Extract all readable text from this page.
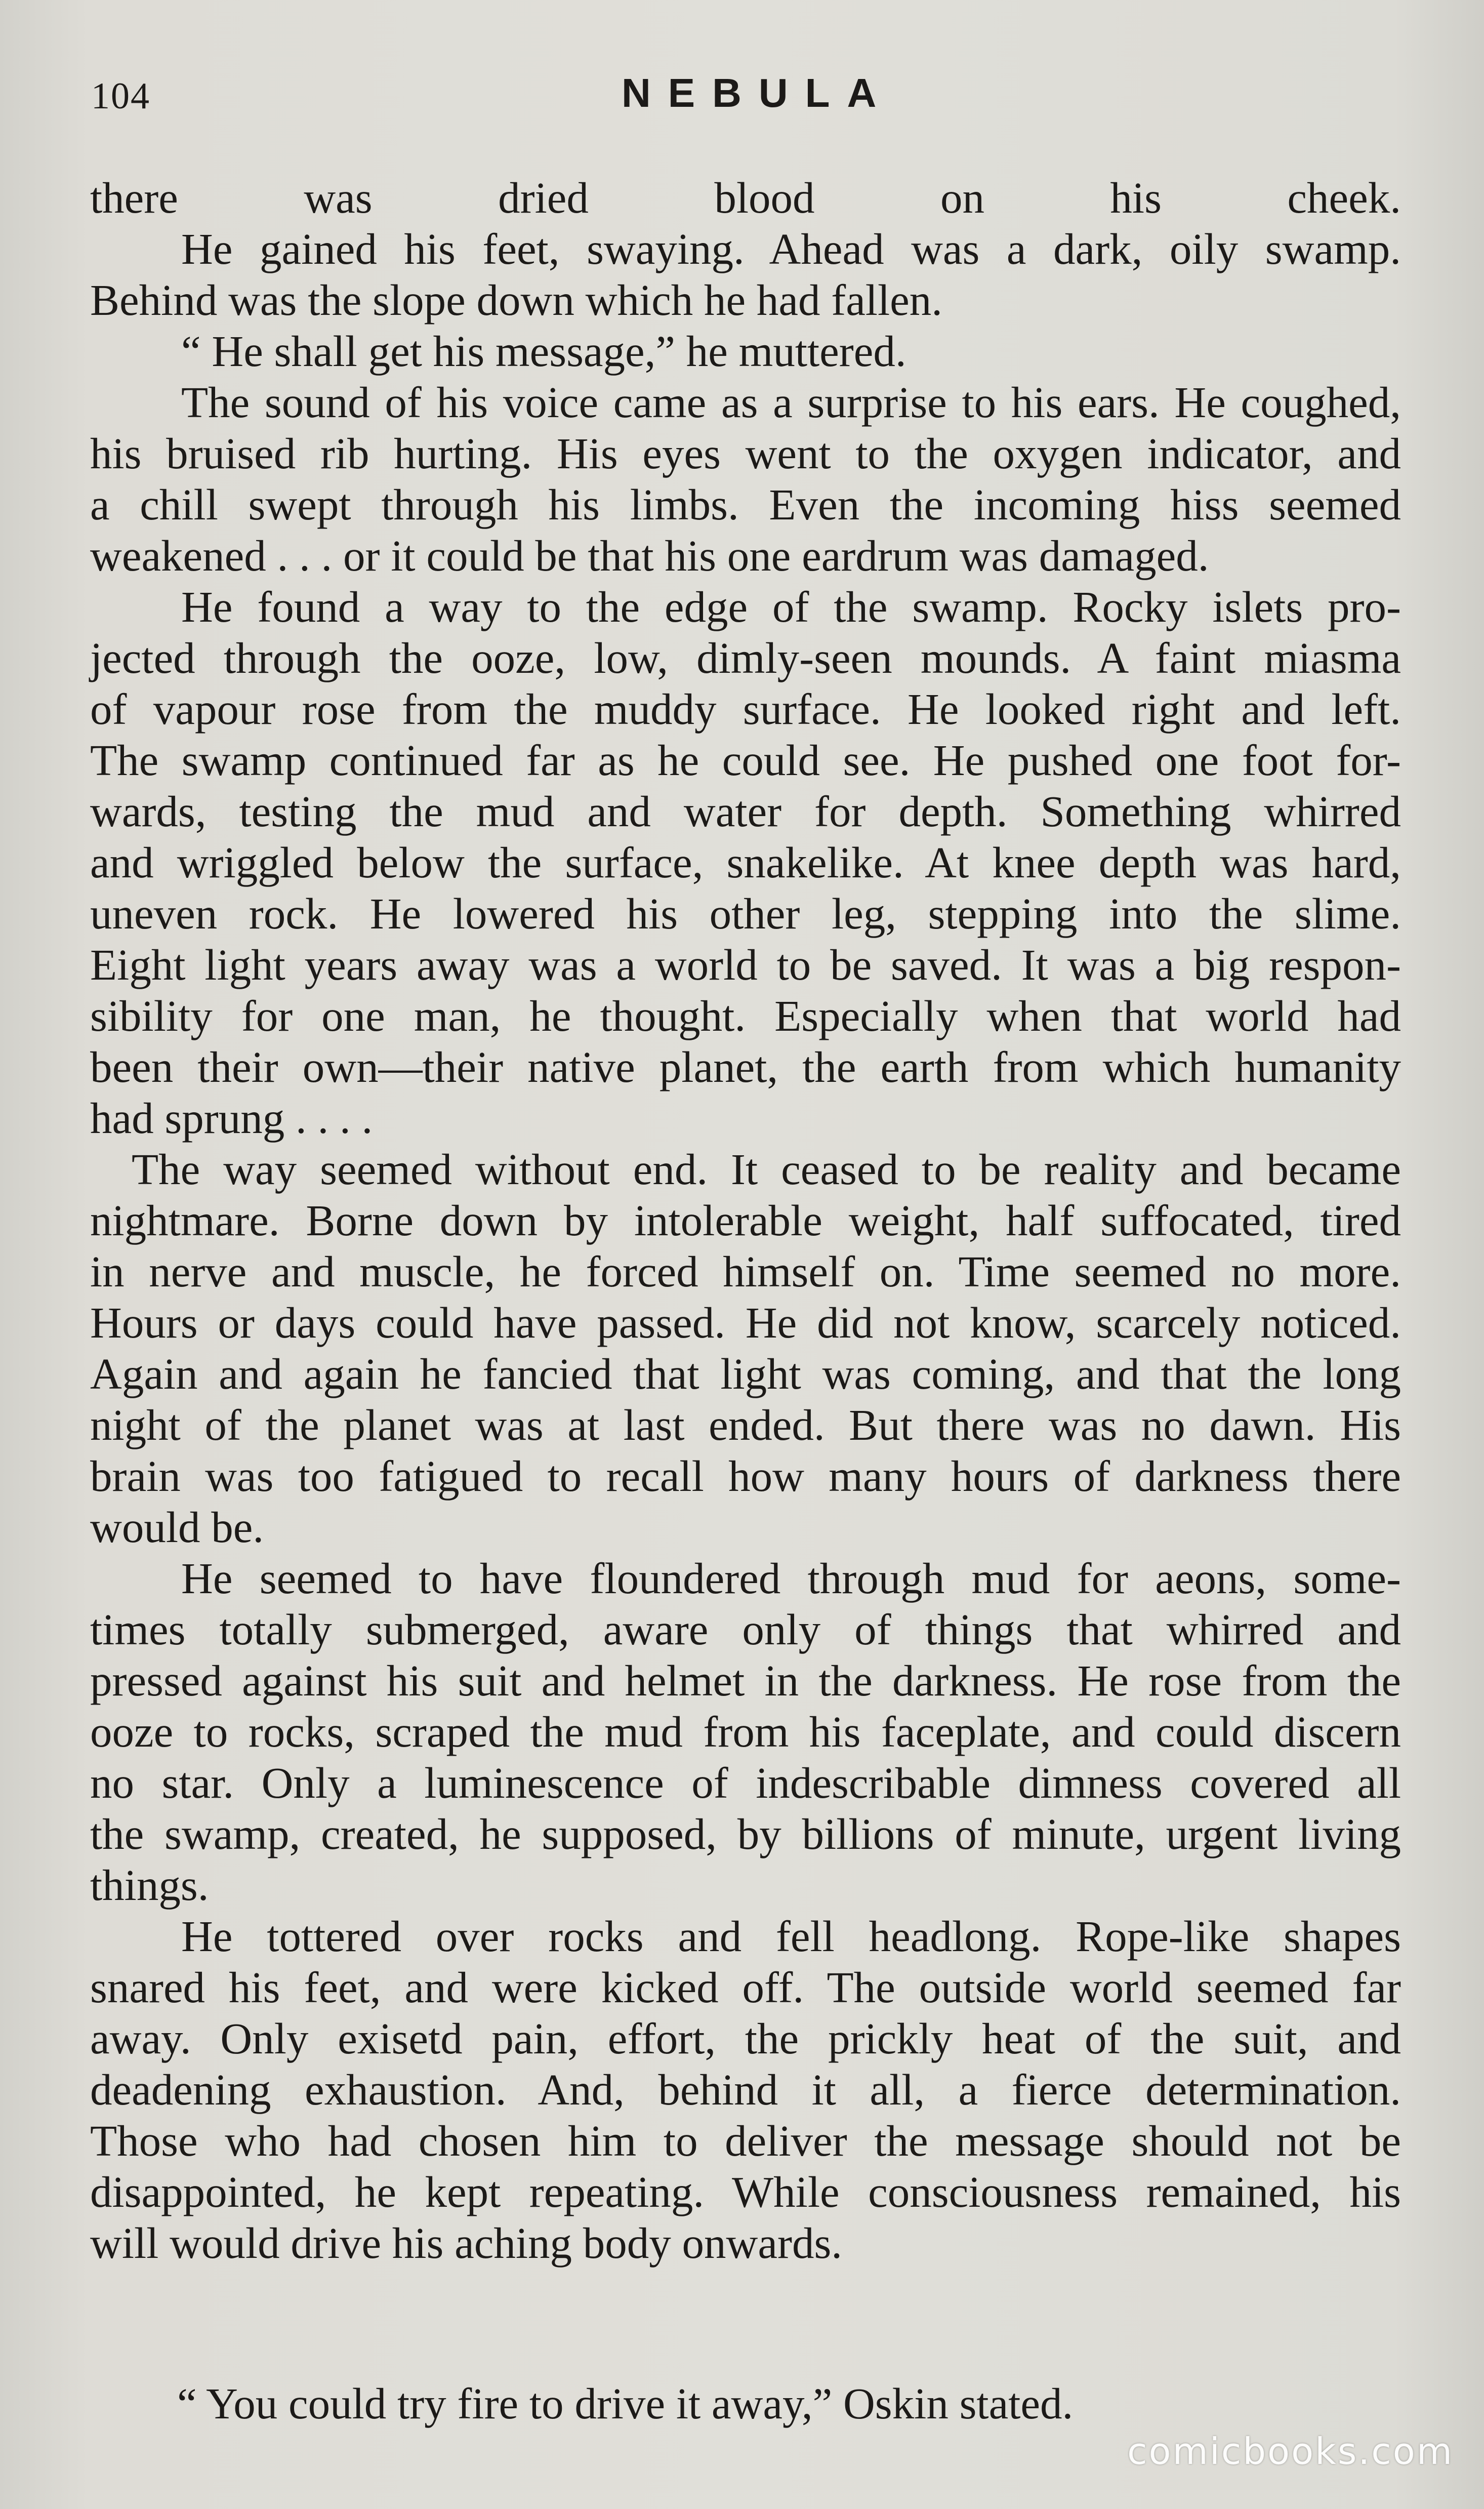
104	NEBULA
there was dried blood on his cheek.
He gained his feet, swaying. Ahead was a dark, oily swamp.
Behind was the slope down which he had fallen.
“ He shall get his message,” he muttered.
The sound of his voice came as a surprise to his ears. He coughed,
his bruised rib hurting. His eyes went to the oxygen indicator, and
a chill swept through his limbs. Even the incoming hiss seemed
weakened . . . or it could be that his one eardrum was damaged.
He found a way to the edge of the swamp. Rocky islets pro-
jected through the ooze, low, dimly-seen mounds. A faint miasma
of vapour rose from the muddy surface. He looked right and left.
The swamp continued far as he could see. He pushed one foot for-
wards, testing the mud and water for depth. Something whirred
and wriggled below the surface, snakelike. At knee depth was hard,
uneven rock. He lowered his other leg, stepping into the slime.
Eight light years away was a world to be saved. It was a big respon-
sibility for one man, he thought. Especially when that world had
been their own—their native planet, the earth from which humanity
had sprung . . . .
The way seemed without end. It ceased to be reality and became
nightmare. Borne down by intolerable weight, half suffocated, tired
in nerve and muscle, he forced himself on. Time seemed no more.
Hours or days could have passed. He did not know, scarcely noticed.
Again and again he fancied that light was coming, and that the long
night of the planet was at last ended. But there was no dawn. His
brain was too fatigued to recall how many hours of darkness there
would be.
He seemed to have floundered through mud for aeons, some-
times totally submerged, aware only of things that whirred and
pressed against his suit and helmet in the darkness. He rose from the
ooze to rocks, scraped the mud from his faceplate, and could discern
no star. Only a luminescence of indescribable dimness covered all
the swamp, created, he supposed, by billions of minute, urgent living
things.
He tottered over rocks and fell headlong. Rope-like shapes
snared his feet, and were kicked off. The outside world seemed far
away. Only exisetd pain, effort, the prickly heat of the suit, and
deadening exhaustion. And, behind it all, a fierce determination.
Those who had chosen him to deliver the message should not be
disappointed, he kept repeating. While consciousness remained, his
will would drive his aching body onwards.
“ You could try fire to drive it away,” Oskin stated.
comicbooks.com
